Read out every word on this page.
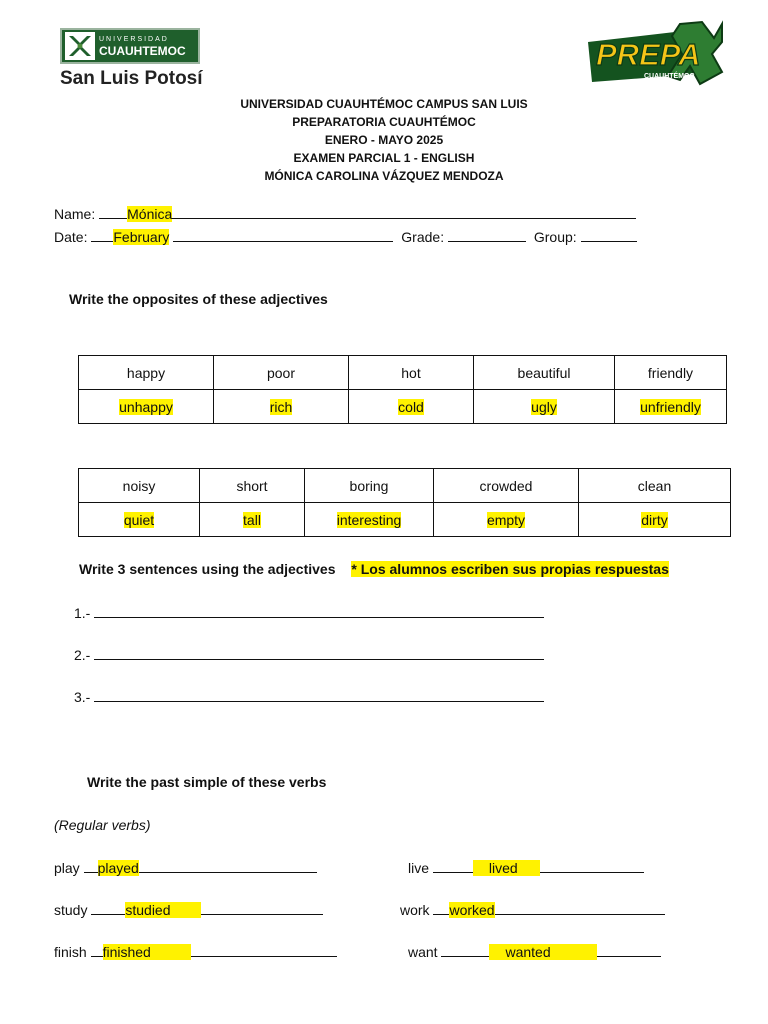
UNIVERSIDAD
CUAUHTEMOC
San Luis Potosí
PREPA
CUAUHTÉMOC
UNIVERSIDAD CUAUHTÉMOC CAMPUS SAN LUIS
PREPARATORIA CUAUHTÉMOC
ENERO - MAYO 2025
EXAMEN PARCIAL 1 - ENGLISH
MÓNICA CAROLINA VÁZQUEZ MENDOZA
Name: Mónica
Date: February	Grade:	Group:
Write the opposites of these adjectives
happy	poor	hot	beautiful	friendly
unhappy	rich	cold	ugly	unfriendly
noisy	short	boring	crowded	clean
quiet	tall	interesting	empty	dirty
Write 3 sentences using the adjectives * Los alumnos escriben sus propias respuestas
1.-
2.-
3.-
Write the past simple of these verbs
(Regular verbs)
play played	live	lived
study	studied	work worked
finish finished	want	wanted
